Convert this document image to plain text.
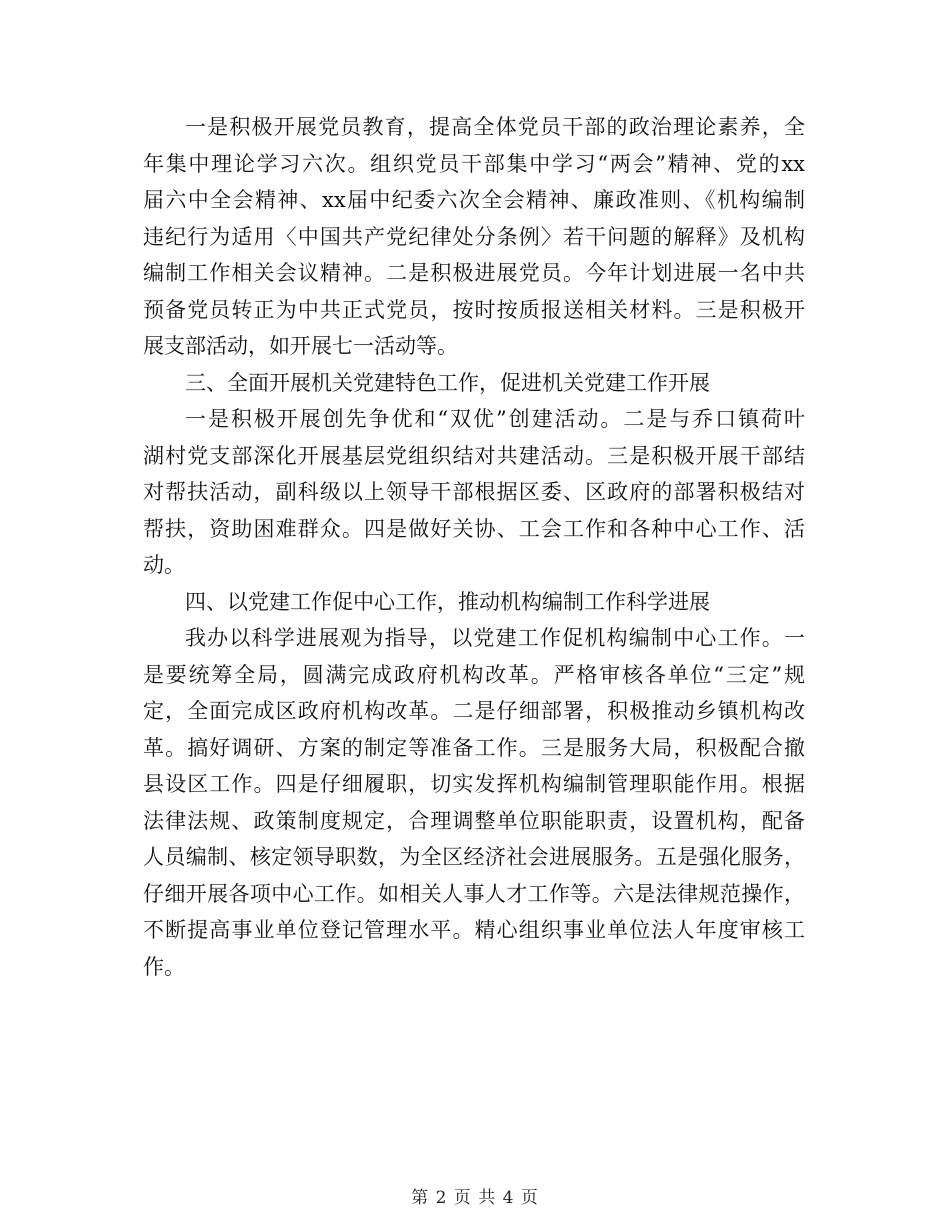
一是积极开展党员教育，提高全体党员干部的政治理论素养，全
年集中理论学习六次。组织党员干部集中学习“两会”精神、党的xx
届六中全会精神、xx届中纪委六次全会精神、廉政准则、《机构编制
违纪行为适用〈中国共产党纪律处分条例〉若干问题的解释》及机构
编制工作相关会议精神。二是积极进展党员。今年计划进展一名中共
预备党员转正为中共正式党员，按时按质报送相关材料。三是积极开
展支部活动，如开展七一活动等。
三、全面开展机关党建特色工作，促进机关党建工作开展
一是积极开展创先争优和“双优”创建活动。二是与乔口镇荷叶
湖村党支部深化开展基层党组织结对共建活动。三是积极开展干部结
对帮扶活动，副科级以上领导干部根据区委、区政府的部署积极结对
帮扶，资助困难群众。四是做好关协、工会工作和各种中心工作、活
动。
四、以党建工作促中心工作，推动机构编制工作科学进展
我办以科学进展观为指导，以党建工作促机构编制中心工作。一
是要统筹全局，圆满完成政府机构改革。严格审核各单位“三定”规
定，全面完成区政府机构改革。二是仔细部署，积极推动乡镇机构改
革。搞好调研、方案的制定等准备工作。三是服务大局，积极配合撤
县设区工作。四是仔细履职，切实发挥机构编制管理职能作用。根据
法律法规、政策制度规定，合理调整单位职能职责，设置机构，配备
人员编制、核定领导职数，为全区经济社会进展服务。五是强化服务，
仔细开展各项中心工作。如相关人事人才工作等。六是法律规范操作，
不断提高事业单位登记管理水平。精心组织事业单位法人年度审核工
作。
第 2 页 共 4 页
